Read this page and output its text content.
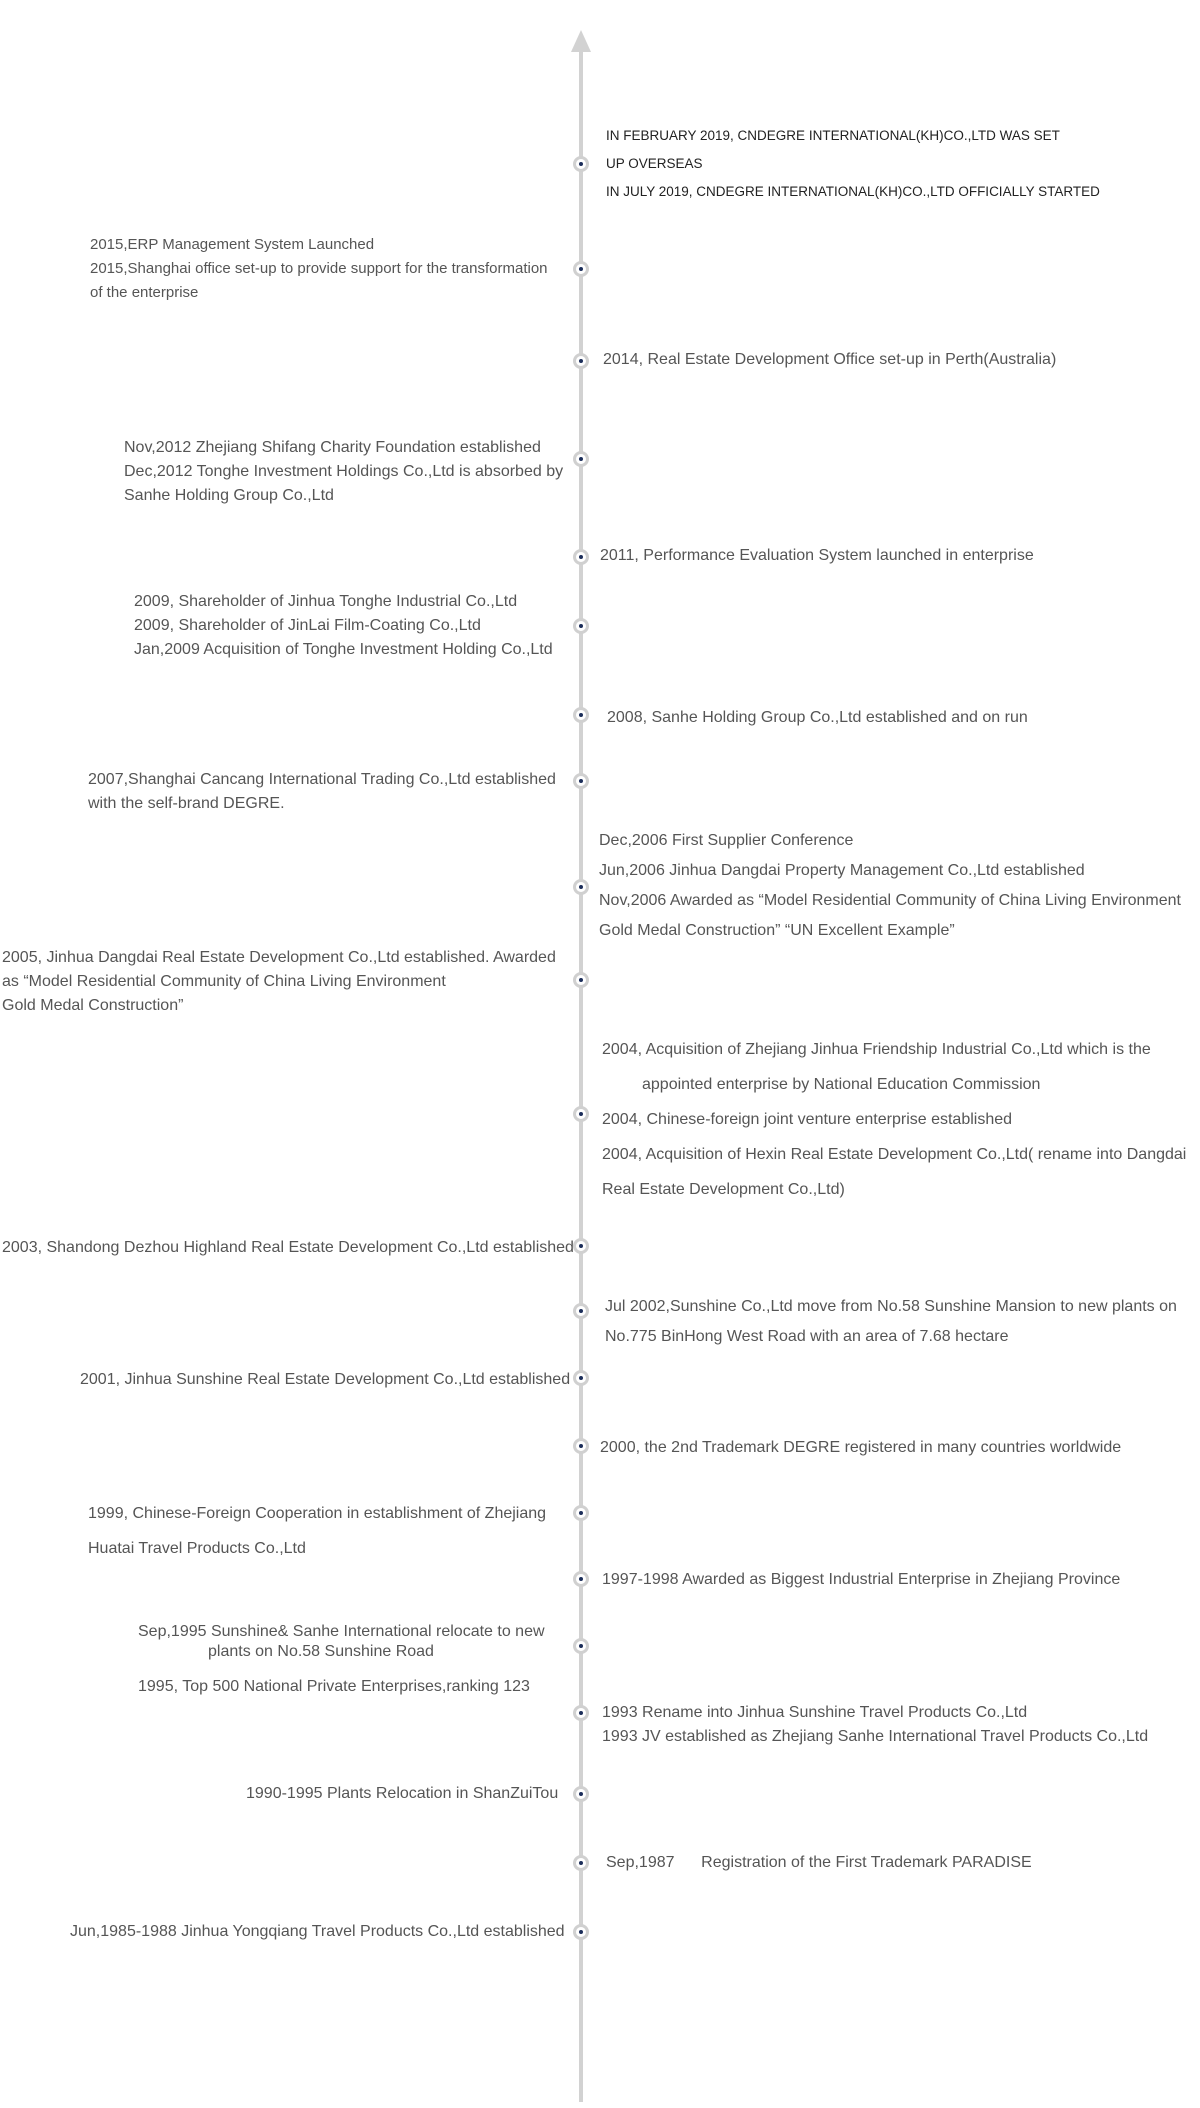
IN FEBRUARY 2019, CNDEGRE INTERNATIONAL(KH)CO.,LTD WAS SET
UP OVERSEAS
IN JULY 2019, CNDEGRE INTERNATIONAL(KH)CO.,LTD OFFICIALLY STARTED
2015,ERP Management System Launched
2015,Shanghai office set-up to provide support for the transformation
of the enterprise
2014, Real Estate Development Office set-up in Perth(Australia)
Nov,2012 Zhejiang Shifang Charity Foundation established
Dec,2012 Tonghe Investment Holdings Co.,Ltd is absorbed by
Sanhe Holding Group Co.,Ltd
2011, Performance Evaluation System launched in enterprise
2009, Shareholder of Jinhua Tonghe Industrial Co.,Ltd
2009, Shareholder of JinLai Film-Coating Co.,Ltd
Jan,2009 Acquisition of Tonghe Investment Holding Co.,Ltd
2008, Sanhe Holding Group Co.,Ltd established and on run
2007,Shanghai Cancang International Trading Co.,Ltd established
with the self-brand DEGRE.
Dec,2006 First Supplier Conference
Jun,2006 Jinhua Dangdai Property Management Co.,Ltd established
Nov,2006 Awarded as “Model Residential Community of China Living Environment
Gold Medal Construction” “UN Excellent Example”
2005, Jinhua Dangdai Real Estate Development Co.,Ltd established. Awarded
as “Model Residential Community of China Living Environment
Gold Medal Construction”
2004, Acquisition of Zhejiang Jinhua Friendship Industrial Co.,Ltd which is the
appointed enterprise by National Education Commission
2004, Chinese-foreign joint venture enterprise established
2004, Acquisition of Hexin Real Estate Development Co.,Ltd( rename into Dangdai
Real Estate Development Co.,Ltd)
2003, Shandong Dezhou Highland Real Estate Development Co.,Ltd established
Jul 2002,Sunshine Co.,Ltd move from No.58 Sunshine Mansion to new plants on
No.775 BinHong West Road with an area of 7.68 hectare
2001, Jinhua Sunshine Real Estate Development Co.,Ltd established
2000, the 2nd Trademark DEGRE registered in many countries worldwide
1999, Chinese-Foreign Cooperation in establishment of Zhejiang
Huatai Travel Products Co.,Ltd
1997-1998 Awarded as Biggest Industrial Enterprise in Zhejiang Province
Sep,1995 Sunshine& Sanhe International relocate to new
plants on No.58 Sunshine Road
1995, Top 500 National Private Enterprises,ranking 123
1993 Rename into Jinhua Sunshine Travel Products Co.,Ltd
1993 JV established as Zhejiang Sanhe International Travel Products Co.,Ltd
1990-1995 Plants Relocation in ShanZuiTou
Sep,1987      Registration of the First Trademark PARADISE
Jun,1985-1988 Jinhua Yongqiang Travel Products Co.,Ltd established
